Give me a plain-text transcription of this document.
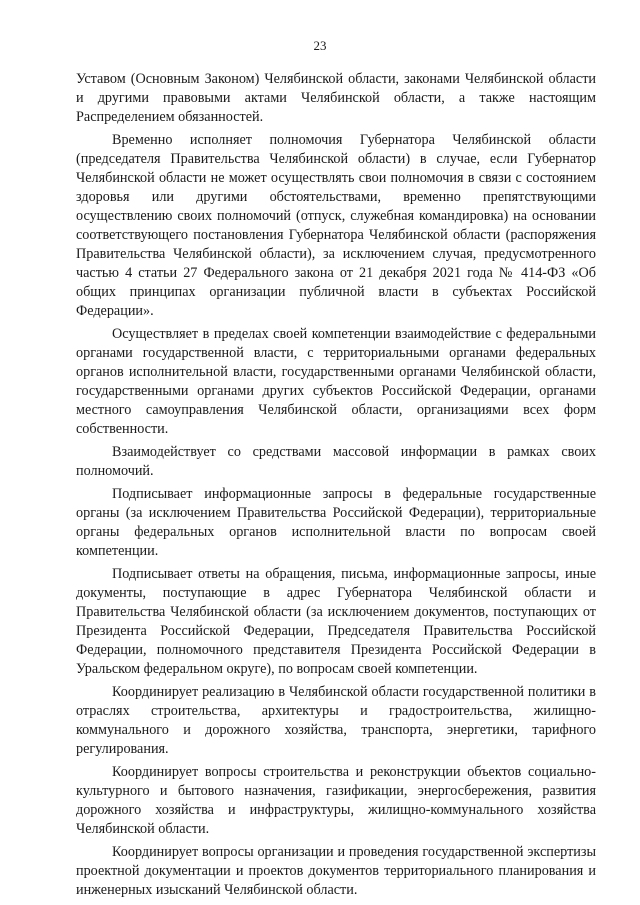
23

Уставом (Основным Законом) Челябинской области, законами Челябинской области и другими правовыми актами Челябинской области, а также настоящим Распределением обязанностей.

Временно исполняет полномочия Губернатора Челябинской области (председателя Правительства Челябинской области) в случае, если Губернатор Челябинской области не может осуществлять свои полномочия в связи с состоянием здоровья или другими обстоятельствами, временно препятствующими осуществлению своих полномочий (отпуск, служебная командировка) на основании соответствующего постановления Губернатора Челябинской области (распоряжения Правительства Челябинской области), за исключением случая, предусмотренного частью 4 статьи 27 Федерального закона от 21 декабря 2021 года № 414-ФЗ «Об общих принципах организации публичной власти в субъектах Российской Федерации».

Осуществляет в пределах своей компетенции взаимодействие с федеральными органами государственной власти, с территориальными органами федеральных органов исполнительной власти, государственными органами Челябинской области, государственными органами других субъектов Российской Федерации, органами местного самоуправления Челябинской области, организациями всех форм собственности.

Взаимодействует со средствами массовой информации в рамках своих полномочий.

Подписывает информационные запросы в федеральные государственные органы (за исключением Правительства Российской Федерации), территориальные органы федеральных органов исполнительной власти по вопросам своей компетенции.

Подписывает ответы на обращения, письма, информационные запросы, иные документы, поступающие в адрес Губернатора Челябинской области и Правительства Челябинской области (за исключением документов, поступающих от Президента Российской Федерации, Председателя Правительства Российской Федерации, полномочного представителя Президента Российской Федерации в Уральском федеральном округе), по вопросам своей компетенции.

Координирует реализацию в Челябинской области государственной политики в отраслях строительства, архитектуры и градостроительства, жилищно-коммунального и дорожного хозяйства, транспорта, энергетики, тарифного регулирования.

Координирует вопросы строительства и реконструкции объектов социально-культурного и бытового назначения, газификации, энергосбережения, развития дорожного хозяйства и инфраструктуры, жилищно-коммунального хозяйства Челябинской области.

Координирует вопросы организации и проведения государственной экспертизы проектной документации и проектов документов территориального планирования и инженерных изысканий Челябинской области.
